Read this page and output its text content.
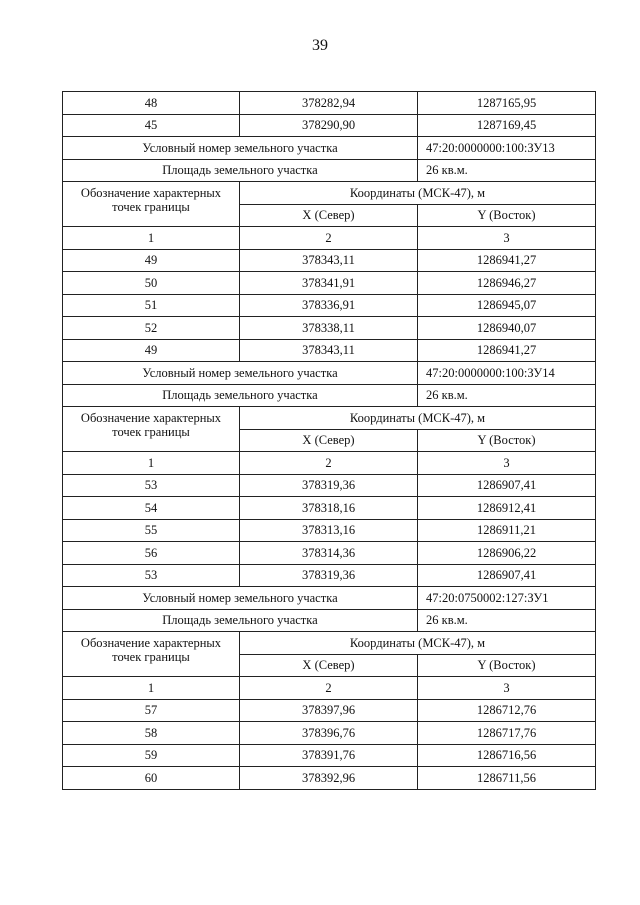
39
48	378282,94	1287165,95
45	378290,90	1287169,45
Условный номер земельного участка		47:20:0000000:100:ЗУ13
Площадь земельного участка		26 кв.м.
Обозначение характерных точек границы	Координаты (МСК-47), м	
	X (Север)	Y (Восток)
1	2	3
49	378343,11	1286941,27
50	378341,91	1286946,27
51	378336,91	1286945,07
52	378338,11	1286940,07
49	378343,11	1286941,27
Условный номер земельного участка		47:20:0000000:100:ЗУ14
Площадь земельного участка		26 кв.м.
Обозначение характерных точек границы	Координаты (МСК-47), м	
	X (Север)	Y (Восток)
1	2	3
53	378319,36	1286907,41
54	378318,16	1286912,41
55	378313,16	1286911,21
56	378314,36	1286906,22
53	378319,36	1286907,41
Условный номер земельного участка		47:20:0750002:127:ЗУ1
Площадь земельного участка		26 кв.м.
Обозначение характерных точек границы	Координаты (МСК-47), м	
	X (Север)	Y (Восток)
1	2	3
57	378397,96	1286712,76
58	378396,76	1286717,76
59	378391,76	1286716,56
60	378392,96	1286711,56
